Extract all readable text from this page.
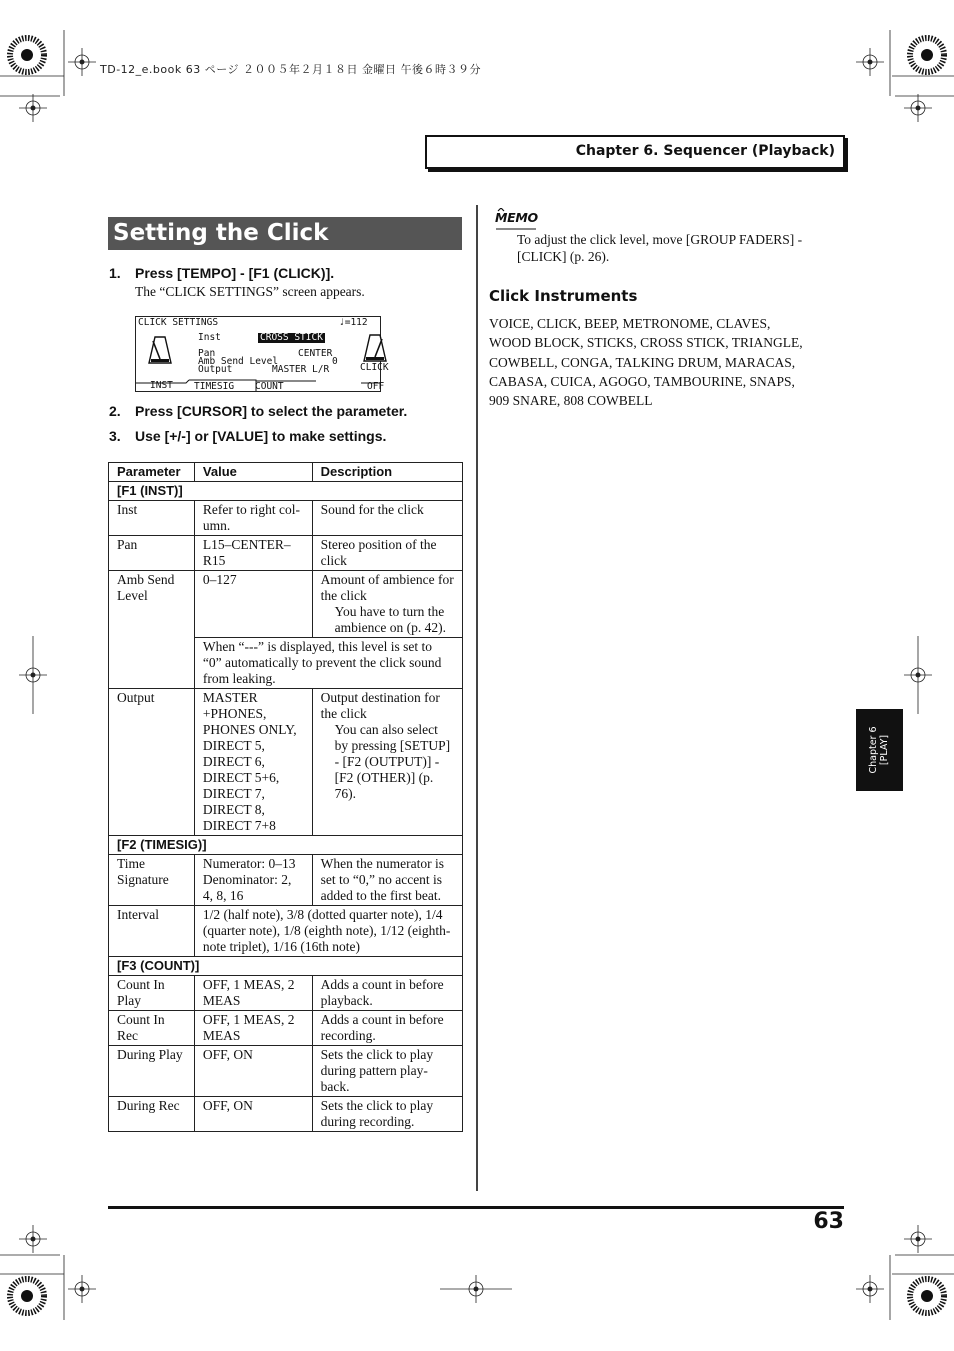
TD-12_e.book 63 ページ ２００５年２月１８日 金曜日 午後６時３９分
Chapter 6. Sequencer (Playback)
Setting the Click
1. Press [TEMPO] - [F1 (CLICK)].
The “CLICK SETTINGS” screen appears.
CLICK SETTINGS	♩=112
Inst	CROSS STICK
Pan	CENTER
Amb Send Level	0
Output	MASTER L/R	CLICK
INST TIMESIG COUNT	OFF
2. Press [CURSOR] to select the parameter.
3. Use [+/-] or [VALUE] to make settings.
Parameter	Value	Description
[F1 (INST)]		
Inst	Refer to right col-umn.	Sound for the click
Pan	L15–CENTER–R15	Stereo position of the click
Amb Send Level	0–127	Amount of ambience for the click
You have to turn the ambience on (p. 42).

	When “---” is displayed, this level is set to “0” automatically to prevent the click sound from leaking.	
Output	MASTER +PHONES, PHONES ONLY, DIRECT 5, DIRECT 6, DIRECT 5+6, DIRECT 7, DIRECT 8, DIRECT 7+8	Output destination for the click
You can also select by pressing [SETUP] - [F2 (OUTPUT)] - [F2 (OTHER)] (p. 76).

[F2 (TIMESIG)]		
Time Signature	Numerator: 0–13 Denominator: 2, 4, 8, 16	When the numerator is set to “0,” no accent is added to the first beat.
Interval	1/2 (half note), 3/8 (dotted quarter note), 1/4 (quarter note), 1/8 (eighth note), 1/12 (eighth-note triplet), 1/16 (16th note)	
[F3 (COUNT)]		
Count In Play	OFF, 1 MEAS, 2 MEAS	Adds a count in before playback.
Count In Rec	OFF, 1 MEAS, 2 MEAS	Adds a count in before recording.
During Play	OFF, ON	Sets the click to play during pattern play-back.
During Rec	OFF, ON	Sets the click to play during recording.
MEMO
To adjust the click level, move [GROUP FADERS] - [CLICK] (p. 26).
Click Instruments
VOICE, CLICK, BEEP, METRONOME, CLAVES, WOOD BLOCK, STICKS, CROSS STICK, TRIANGLE, COWBELL, CONGA, TALKING DRUM, MARACAS, CABASA, CUICA, AGOGO, TAMBOURINE, SNAPS, 909 SNARE, 808 COWBELL
Chapter 6 [PLAY]
63
